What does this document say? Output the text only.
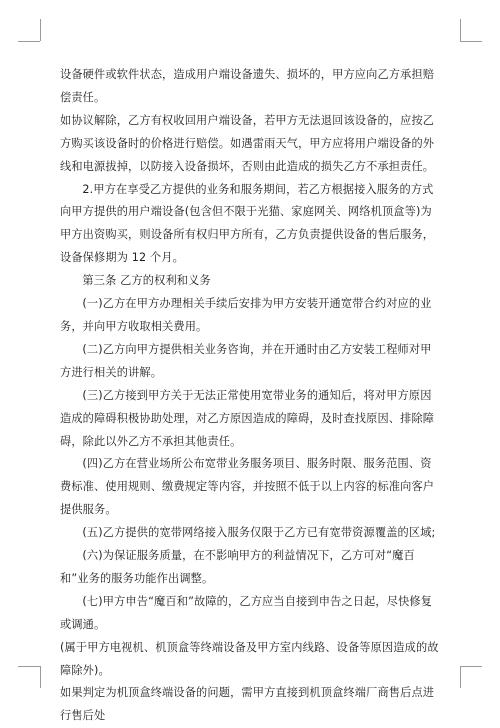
设备硬件或软件状态，造成用户端设备遗失、损坏的，甲方应向乙方承担赔偿责任。

如协议解除，乙方有权收回用户端设备，若甲方无法退回该设备的，应按乙方购买该设备时的价格进行赔偿。如遇雷雨天气，甲方应将用户端设备的外线和电源拔掉，以防接入设备损坏，否则由此造成的损失乙方不承担责任。

2.甲方在享受乙方提供的业务和服务期间，若乙方根据接入服务的方式向甲方提供的用户端设备(包含但不限于光猫、家庭网关、网络机顶盒等)为甲方出资购买，则设备所有权归甲方所有，乙方负责提供设备的售后服务，设备保修期为 12 个月。

第三条 乙方的权利和义务

(一)乙方在甲方办理相关手续后安排为甲方安装开通宽带合约对应的业务，并向甲方收取相关费用。

(二)乙方向甲方提供相关业务咨询，并在开通时由乙方安装工程师对甲方进行相关的讲解。

(三)乙方接到甲方关于无法正常使用宽带业务的通知后，将对甲方原因造成的障碍积极协助处理，对乙方原因造成的障碍，及时查找原因、排除障碍，除此以外乙方不承担其他责任。

(四)乙方在营业场所公布宽带业务服务项目、服务时限、服务范围、资费标准、使用规则、缴费规定等内容，并按照不低于以上内容的标准向客户提供服务。

(五)乙方提供的宽带网络接入服务仅限于乙方已有宽带资源覆盖的区域;

(六)为保证服务质量，在不影响甲方的利益情况下，乙方可对“魔百和”业务的服务功能作出调整。

(七)甲方申告“魔百和”故障的，乙方应当自接到申告之日起，尽快修复或调通。

(属于甲方电视机、机顶盒等终端设备及甲方室内线路、设备等原因造成的故障除外)。

如果判定为机顶盒终端设备的问题，需甲方直接到机顶盒终端厂商售后点进行售后处
